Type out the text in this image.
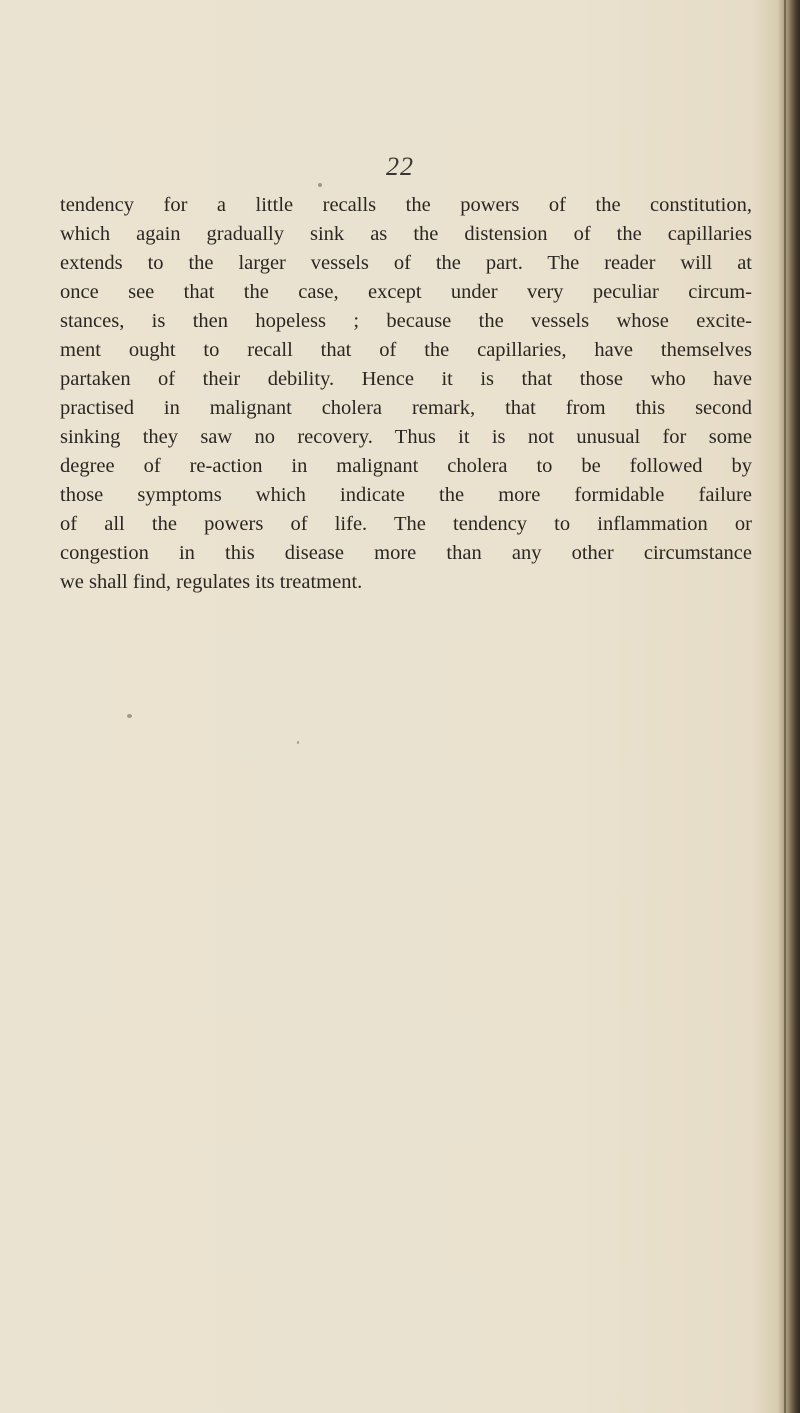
22
tendency for a little recalls the powers of the constitution,
which again gradually sink as the distension of the capillaries
extends to the larger vessels of the part. The reader will at
once see that the case, except under very peculiar circum-
stances, is then hopeless ; because the vessels whose excite-
ment ought to recall that of the capillaries, have themselves
partaken of their debility. Hence it is that those who have
practised in malignant cholera remark, that from this second
sinking they saw no recovery. Thus it is not unusual for some
degree of re-action in malignant cholera to be followed by
those symptoms which indicate the more formidable failure
of all the powers of life. The tendency to inflammation or
congestion in this disease more than any other circumstance
we shall find, regulates its treatment.
